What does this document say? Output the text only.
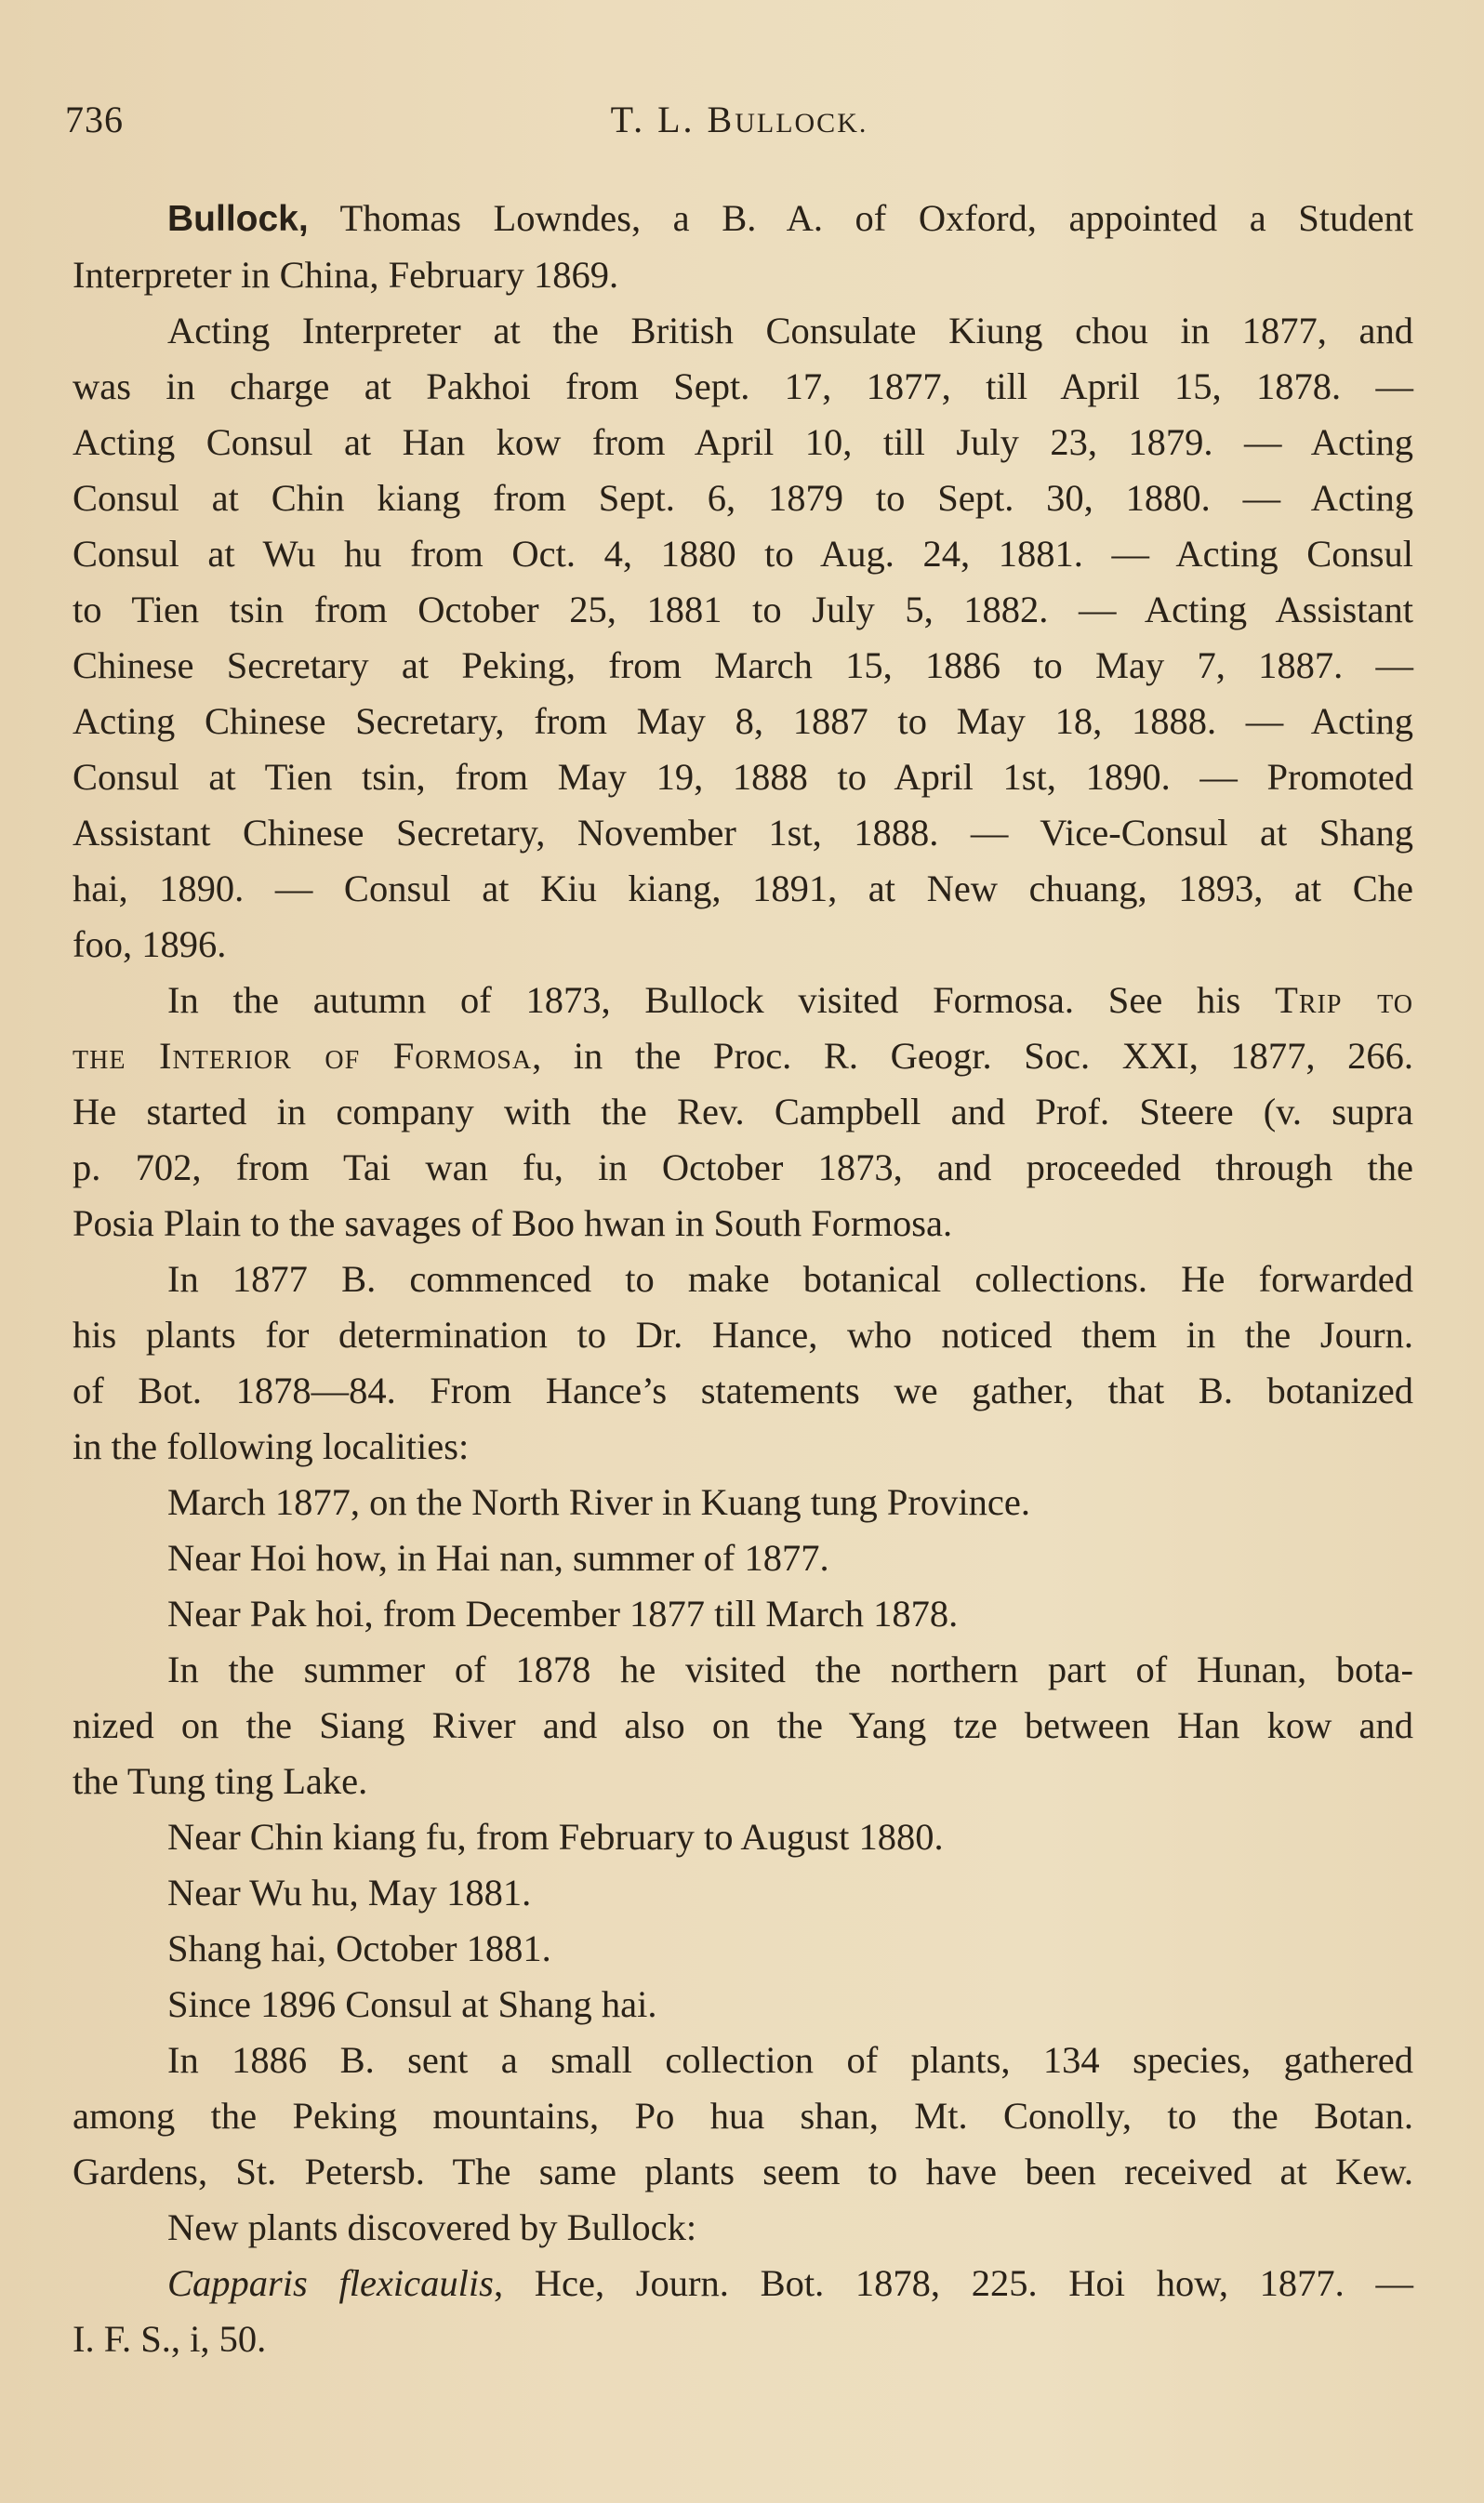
736	T. L. BULLOCK.
Bullock, Thomas Lowndes, a B. A. of Oxford, appointed a Student
Interpreter in China, February 1869.
Acting Interpreter at the British Consulate Kiung chou in 1877, and
was in charge at Pakhoi from Sept. 17, 1877, till April 15, 1878. —
Acting Consul at Han kow from April 10, till July 23, 1879. — Acting
Consul at Chin kiang from Sept. 6, 1879 to Sept. 30, 1880. — Acting
Consul at Wu hu from Oct. 4, 1880 to Aug. 24, 1881. — Acting Consul
to Tien tsin from October 25, 1881 to July 5, 1882. — Acting Assistant
Chinese Secretary at Peking, from March 15, 1886 to May 7, 1887. —
Acting Chinese Secretary, from May 8, 1887 to May 18, 1888. — Acting
Consul at Tien tsin, from May 19, 1888 to April 1st, 1890. — Promoted
Assistant Chinese Secretary, November 1st, 1888. — Vice-Consul at Shang
hai, 1890. — Consul at Kiu kiang, 1891, at New chuang, 1893, at Che
foo, 1896.
In the autumn of 1873, Bullock visited Formosa. See his Trip to
the Interior of Formosa, in the Proc. R. Geogr. Soc. XXI, 1877, 266.
He started in company with the Rev. Campbell and Prof. Steere (v. supra
p. 702, from Tai wan fu, in October 1873, and proceeded through the
Posia Plain to the savages of Boo hwan in South Formosa.
In 1877 B. commenced to make botanical collections. He forwarded
his plants for determination to Dr. Hance, who noticed them in the Journ.
of Bot. 1878—84. From Hance’s statements we gather, that B. botanized
in the following localities:
March 1877, on the North River in Kuang tung Province.
Near Hoi how, in Hai nan, summer of 1877.
Near Pak hoi, from December 1877 till March 1878.
In the summer of 1878 he visited the northern part of Hunan, bota-
nized on the Siang River and also on the Yang tze between Han kow and
the Tung ting Lake.
Near Chin kiang fu, from February to August 1880.
Near Wu hu, May 1881.
Shang hai, October 1881.
Since 1896 Consul at Shang hai.
In 1886 B. sent a small collection of plants, 134 species, gathered
among the Peking mountains, Po hua shan, Mt. Conolly, to the Botan.
Gardens, St. Petersb. The same plants seem to have been received at Kew.
New plants discovered by Bullock:
Capparis flexicaulis, Hce, Journ. Bot. 1878, 225. Hoi how, 1877. —
I. F. S., i, 50.
